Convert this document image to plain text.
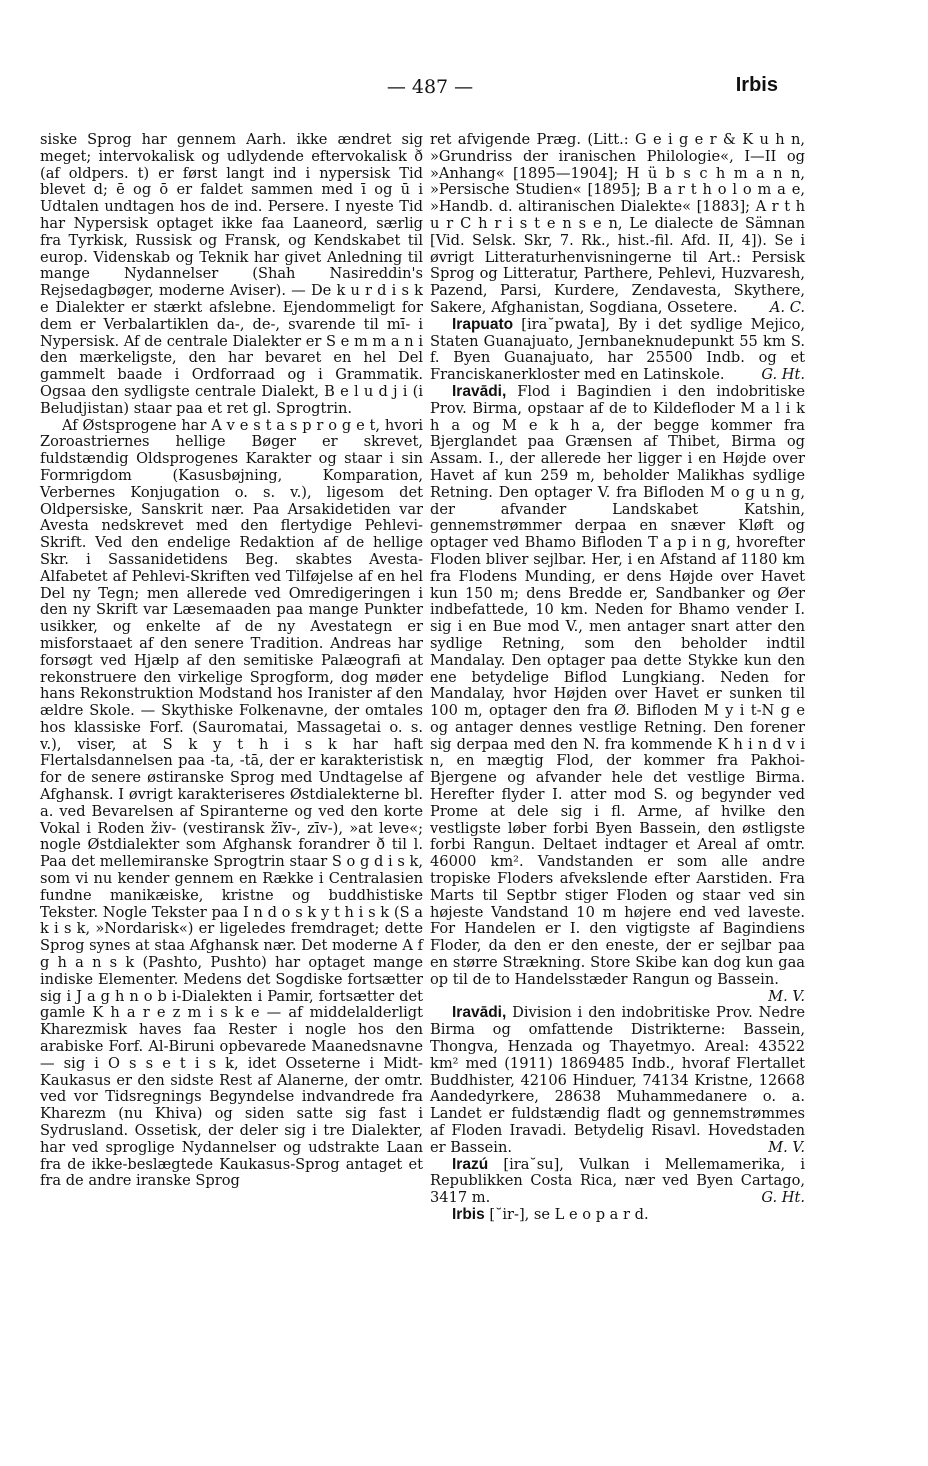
— 487 —	Irbis

siske Sprog har gennem Aarh. ikke ændret sig meget; intervokalisk og udlydende eftervokalisk ð (af oldpers. t) er først langt ind i nypersisk Tid blevet d; ē og ō er faldet sammen med ī og ū i Udtalen undtagen hos de ind. Persere. I nyeste Tid har Nypersisk optaget ikke faa Laaneord, særlig fra Tyrkisk, Russisk og Fransk, og Kendskabet til europ. Videnskab og Teknik har givet Anledning til mange Nydannelser (Shah Nasireddin's Rejsedagbøger, moderne Aviser). — De k u r d i s k e Dialekter er stærkt afslebne. Ejendommeligt for dem er Verbalartiklen da-, de-, svarende til mī- i Nypersisk. Af de centrale Dialekter er S e m m a n i den mærkeligste, den har bevaret en hel Del gammelt baade i Ordforraad og i Grammatik. Ogsaa den sydligste centrale Dialekt, B e l u d j i (i Beludjistan) staar paa et ret gl. Sprogtrin.

Af Østsprogene har A v e s t a s p r o g e t, hvori Zoroastriernes hellige Bøger er skrevet, fuldstændig Oldsprogenes Karakter og staar i sin Formrigdom (Kasusbøjning, Komparation, Verbernes Konjugation o. s. v.), ligesom det Oldpersiske, Sanskrit nær. Paa Arsakidetiden var Avesta nedskrevet med den flertydige Pehlevi-Skrift. Ved den endelige Redaktion af de hellige Skr. i Sassanidetidens Beg. skabtes Avesta-Alfabetet af Pehlevi-Skriften ved Tilføjelse af en hel Del ny Tegn; men allerede ved Omredigeringen i den ny Skrift var Læsemaaden paa mange Punkter usikker, og enkelte af de ny Avestategn er misforstaaet af den senere Tradition. Andreas har forsøgt ved Hjælp af den semitiske Palæografi at rekonstruere den virkelige Sprogform, dog møder hans Rekonstruktion Modstand hos Iranister af den ældre Skole. — Skythiske Folkenavne, der omtales hos klassiske Forf. (Sauromatai, Massagetai o. s. v.), viser, at S k y t h i s k har haft Flertalsdannelsen paa -ta, -tā, der er karakteristisk for de senere østiranske Sprog med Undtagelse af Afghansk. I øvrigt karakteriseres Østdialekterne bl. a. ved Bevarelsen af Spiranterne og ved den korte Vokal i Roden živ- (vestiransk žīv-, zīv-), »at leve«; nogle Østdialekter som Afghansk forandrer ð til l. Paa det mellemiranske Sprogtrin staar S o g d i s k, som vi nu kender gennem en Række i Centralasien fundne manikæiske, kristne og buddhistiske Tekster. Nogle Tekster paa I n d o s k y t h i s k (S a k i s k, »Nordarisk«) er ligeledes fremdraget; dette Sprog synes at staa Afghansk nær. Det moderne A f g h a n s k (Pashto, Pushto) har optaget mange indiske Elementer. Medens det Sogdiske fortsætter sig i J a g h n o b i-Dialekten i Pamir, fortsætter det gamle K h a r e z m i s k e — af middelalderligt Kharezmisk haves faa Rester i nogle hos den arabiske Forf. Al-Biruni opbevarede Maanedsnavne — sig i O s s e t i s k, idet Osseterne i Midt-Kaukasus er den sidste Rest af Alanerne, der omtr. ved vor Tidsregnings Begyndelse indvandrede fra Kharezm (nu Khiva) og siden satte sig fast i Sydrusland. Ossetisk, der deler sig i tre Dialekter, har ved sproglige Nydannelser og udstrakte Laan fra de ikke-beslægtede Kaukasus-Sprog antaget et fra de andre iranske Sprog

ret afvigende Præg. (Litt.: G e i g e r & K u h n, »Grundriss der iranischen Philologie«, I—II og »Anhang« [1895—1904]; H ü b s c h m a n n, »Persische Studien« [1895]; B a r t h o l o m a e, »Handb. d. altiranischen Dialekte« [1883]; A r t h u r C h r i s t e n s e n, Le dialecte de Sämnan [Vid. Selsk. Skr, 7. Rk., hist.-fil. Afd. II, 4]). Se i øvrigt Litteraturhenvisningerne til Art.: Persisk Sprog og Litteratur, Parthere, Pehlevi, Huzvaresh, Pazend, Parsi, Kurdere, Zendavesta, Skythere, Sakere, Afghanistan, Sogdiana, Ossetere.	A. C.

Irapuato [ira˘pwata], By i det sydlige Mejico, Staten Guanajuato, Jernbaneknudepunkt 55 km S. f. Byen Guanajuato, har 25500 Indb. og et Franciskanerkloster med en Latinskole.	G. Ht.

Iravādi, Flod i Bagindien i den indobritiske Prov. Birma, opstaar af de to Kildefloder M a l i k h a og M e k h a, der begge kommer fra Bjerglandet paa Grænsen af Thibet, Birma og Assam. I., der allerede her ligger i en Højde over Havet af kun 259 m, beholder Malikhas sydlige Retning. Den optager V. fra Bifloden M o g u n g, der afvander Landskabet Katshin, gennemstrømmer derpaa en snæver Kløft og optager ved Bhamo Bifloden T a p i n g, hvorefter Floden bliver sejlbar. Her, i en Afstand af 1180 km fra Flodens Munding, er dens Højde over Havet kun 150 m; dens Bredde er, Sandbanker og Øer indbefattede, 10 km. Neden for Bhamo vender I. sig i en Bue mod V., men antager snart atter den sydlige Retning, som den beholder indtil Mandalay. Den optager paa dette Stykke kun den ene betydelige Biflod Lungkiang. Neden for Mandalay, hvor Højden over Havet er sunken til 100 m, optager den fra Ø. Bifloden M y i t-N g e og antager dennes vestlige Retning. Den forener sig derpaa med den N. fra kommende K h i n d v i n, en mægtig Flod, der kommer fra Pakhoi-Bjergene og afvander hele det vestlige Birma. Herefter flyder I. atter mod S. og begynder ved Prome at dele sig i fl. Arme, af hvilke den vestligste løber forbi Byen Bassein, den østligste forbi Rangun. Deltaet indtager et Areal af omtr. 46000 km². Vandstanden er som alle andre tropiske Floders afvekslende efter Aarstiden. Fra Marts til Septbr stiger Floden og staar ved sin højeste Vandstand 10 m højere end ved laveste. For Handelen er I. den vigtigste af Bagindiens Floder, da den er den eneste, der er sejlbar paa en større Strækning. Store Skibe kan dog kun gaa op til de to Handelsstæder Rangun og Bassein.
M. V.

Iravādi, Division i den indobritiske Prov. Nedre Birma og omfattende Distrikterne: Bassein, Thongva, Henzada og Thayetmyo. Areal: 43522 km² med (1911) 1869485 Indb., hvoraf Flertallet Buddhister, 42106 Hinduer, 74134 Kristne, 12668 Aandedyrkere, 28638 Muhammedanere o. a. Landet er fuldstændig fladt og gennemstrømmes af Floden Iravadi. Betydelig Risavl. Hovedstaden er Bassein.	M. V.

Irazú [ira˘su], Vulkan i Mellemamerika, i Republikken Costa Rica, nær ved Byen Cartago, 3417 m.	G. Ht.

Irbis [˘ir-], se L e o p a r d.
